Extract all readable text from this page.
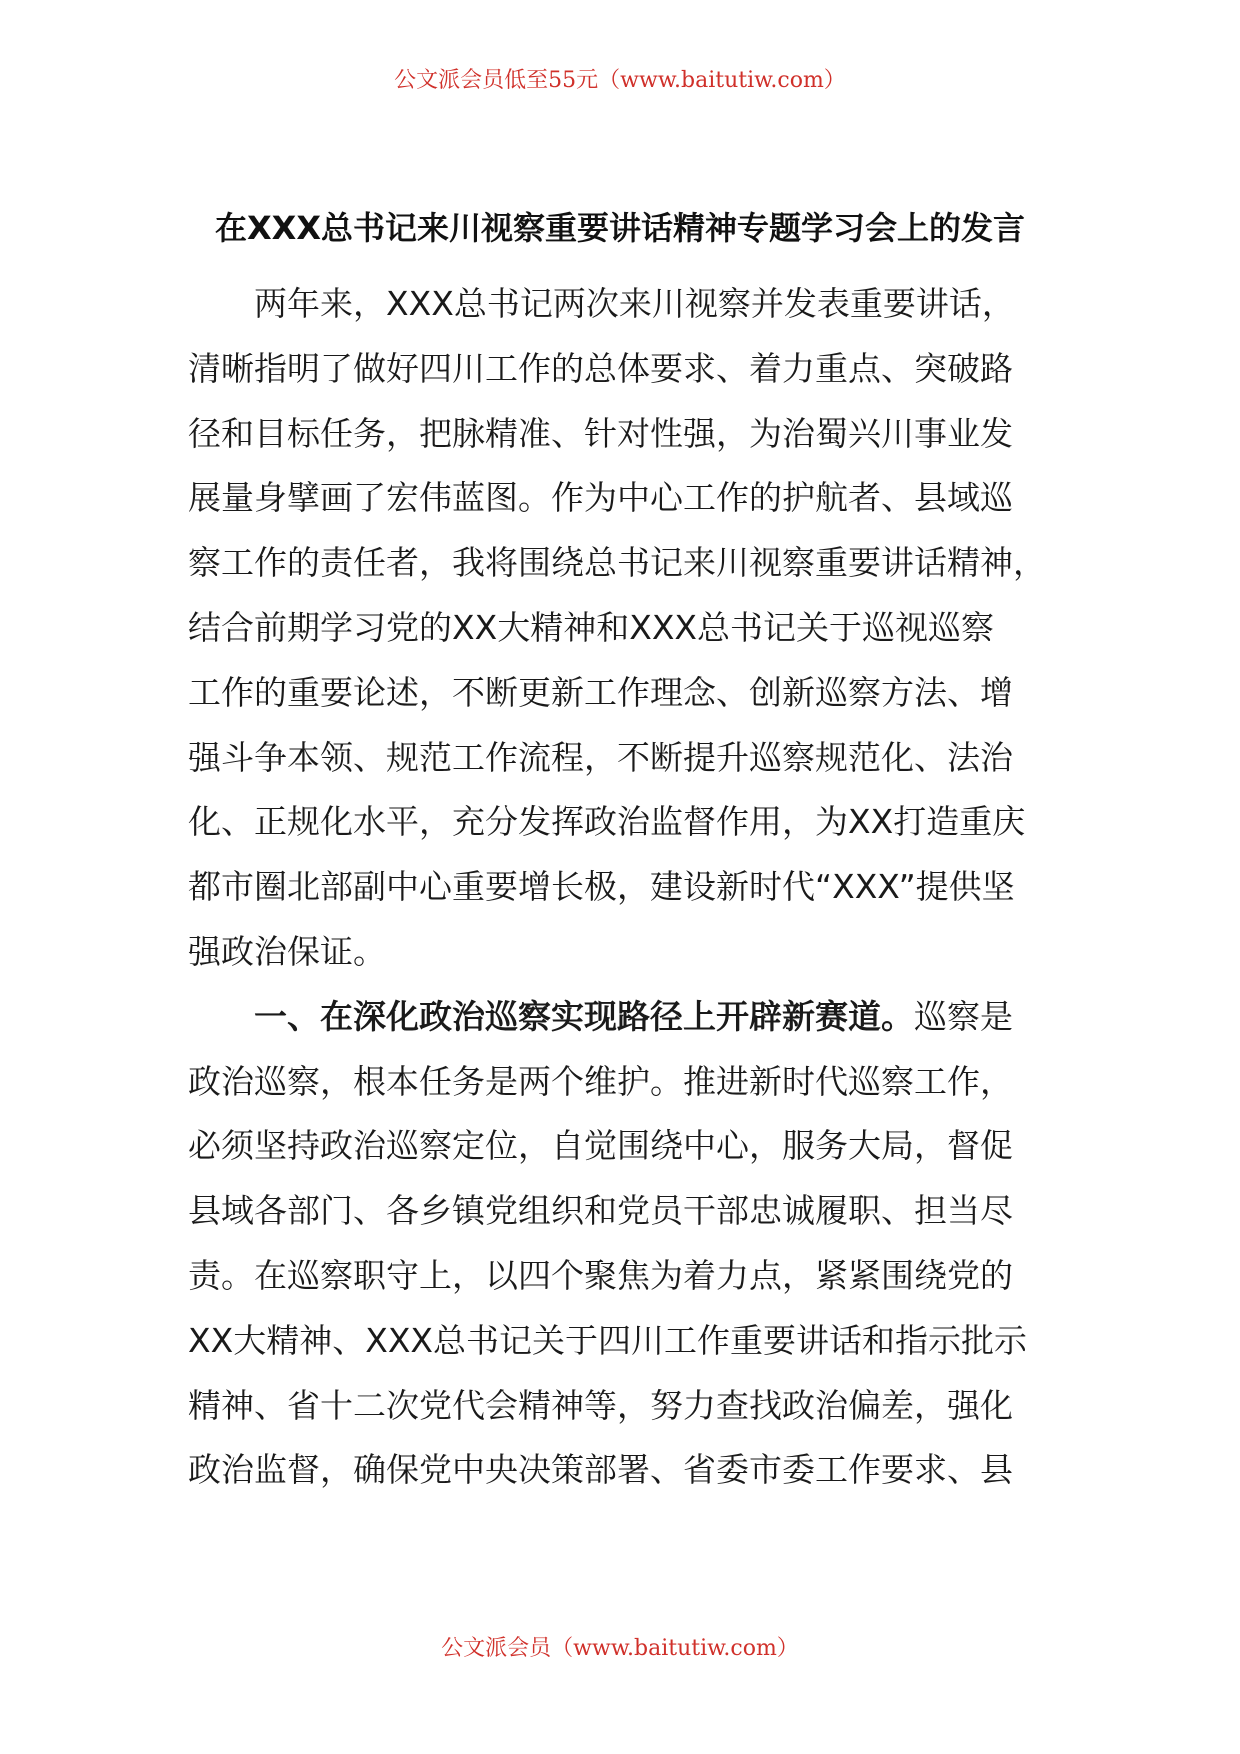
公文派会员低至55元（www.baitutiw.com）
在XXX总书记来川视察重要讲话精神专题学习会上的发言
两年来，XXX总书记两次来川视察并发表重要讲话，
清晰指明了做好四川工作的总体要求、着力重点、突破路
径和目标任务，把脉精准、针对性强，为治蜀兴川事业发
展量身擘画了宏伟蓝图。作为中心工作的护航者、县域巡
察工作的责任者，我将围绕总书记来川视察重要讲话精神，
结合前期学习党的XX大精神和XXX总书记关于巡视巡察
工作的重要论述，不断更新工作理念、创新巡察方法、增
强斗争本领、规范工作流程，不断提升巡察规范化、法治
化、正规化水平，充分发挥政治监督作用，为XX打造重庆
都市圈北部副中心重要增长极，建设新时代“XXX”提供坚
强政治保证。
一、在深化政治巡察实现路径上开辟新赛道。巡察是
政治巡察，根本任务是两个维护。推进新时代巡察工作，
必须坚持政治巡察定位，自觉围绕中心，服务大局，督促
县域各部门、各乡镇党组织和党员干部忠诚履职、担当尽
责。在巡察职守上，以四个聚焦为着力点，紧紧围绕党的
XX大精神、XXX总书记关于四川工作重要讲话和指示批示
精神、省十二次党代会精神等，努力查找政治偏差，强化
政治监督，确保党中央决策部署、省委市委工作要求、县
公文派会员（www.baitutiw.com）
